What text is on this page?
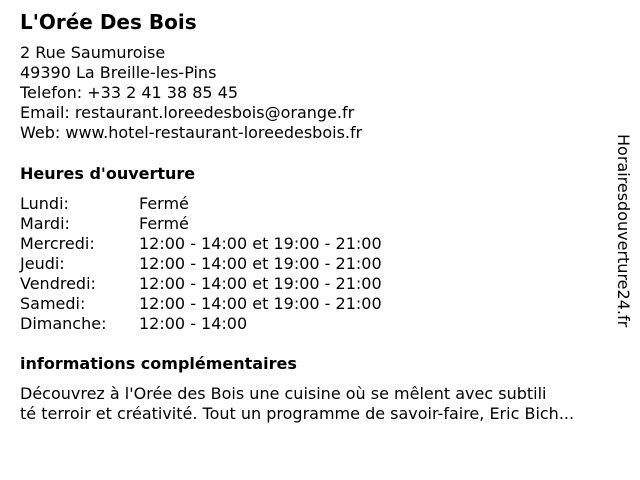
L'Orée Des Bois
2 Rue Saumuroise
49390 La Breille-les-Pins
Telefon: +33 2 41 38 85 45
Email: restaurant.loreedesbois@orange.fr
Web: www.hotel-restaurant-loreedesbois.fr
Heures d'ouverture
Lundi:	Fermé
Mardi:	Fermé
Mercredi:	12:00 - 14:00 et 19:00 - 21:00
Jeudi:	12:00 - 14:00 et 19:00 - 21:00
Vendredi:	12:00 - 14:00 et 19:00 - 21:00
Samedi:	12:00 - 14:00 et 19:00 - 21:00
Dimanche: 12:00 - 14:00
informations complémentaires
Découvrez à l'Orée des Bois une cuisine où se mêlent avec subtili
té terroir et créativité. Tout un programme de savoir-faire, Eric Bich...
Horairesdouverture24.fr
